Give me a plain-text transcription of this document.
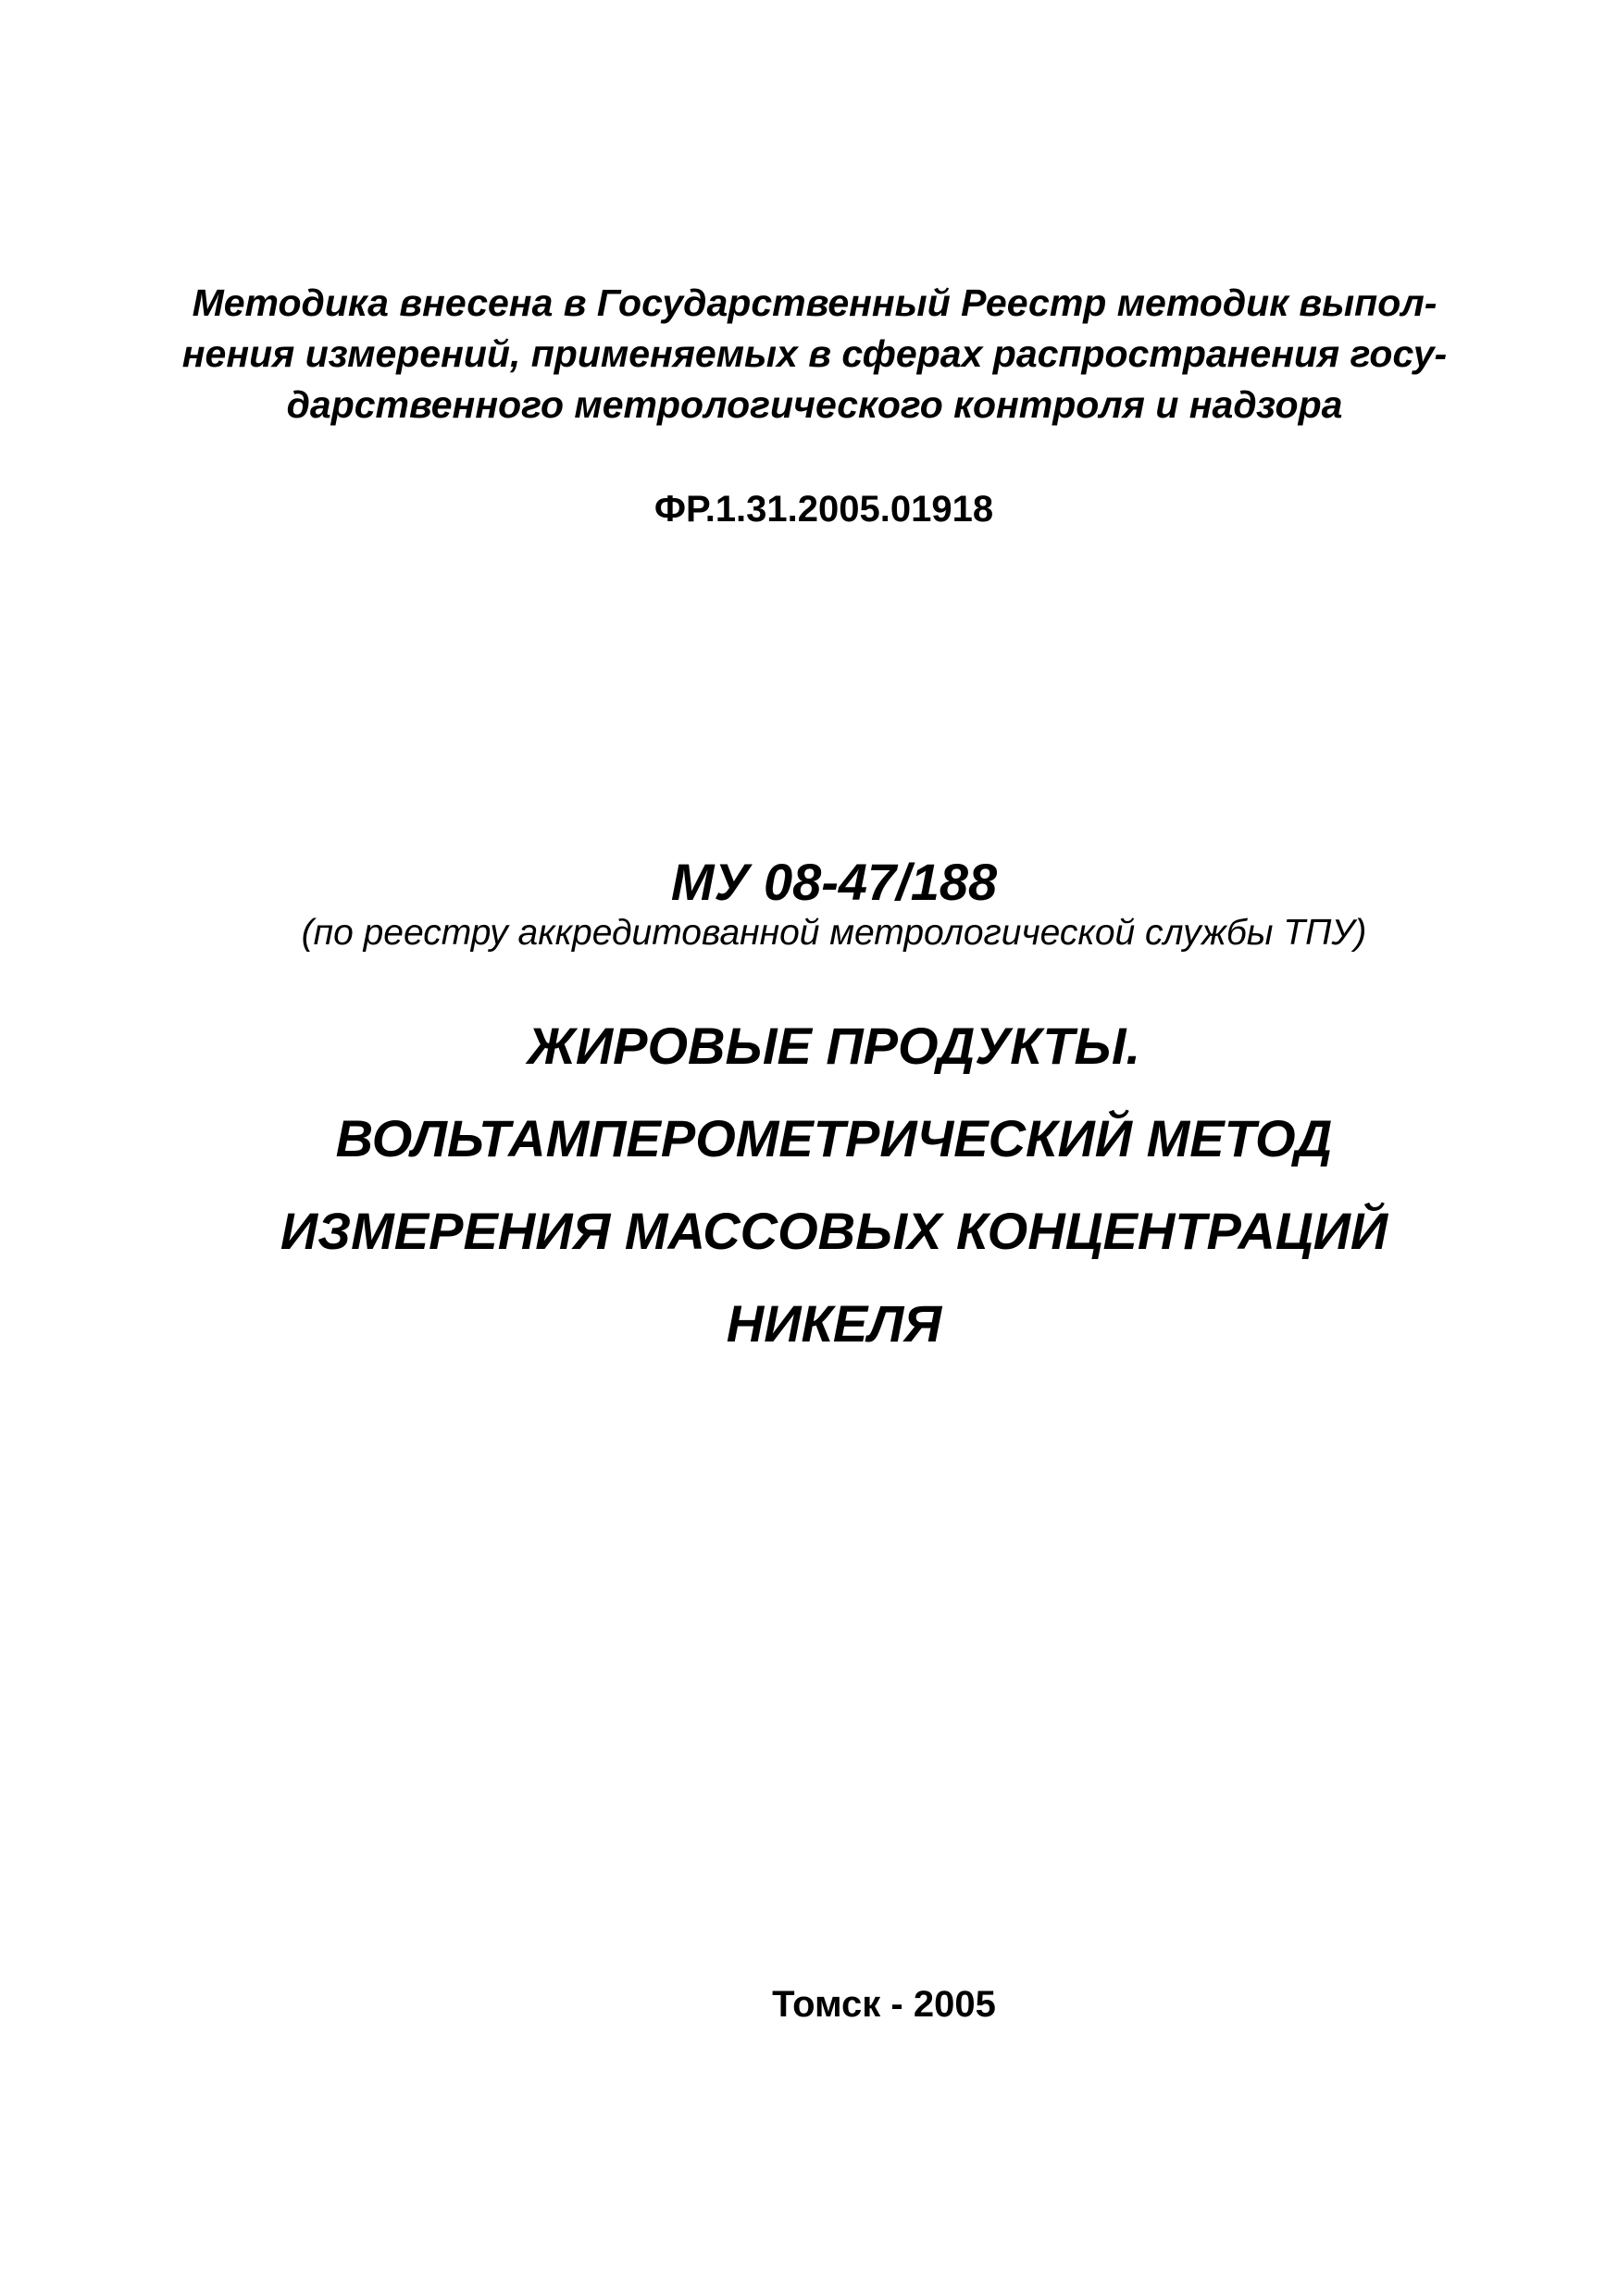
Методика внесена в Государственный Реестр методик выпол-
нения измерений, применяемых в сферах распространения госу-
дарственного метрологического контроля и надзора
ФР.1.31.2005.01918
МУ 08-47/188
(по реестру аккредитованной метрологической службы ТПУ)
ЖИРОВЫЕ ПРОДУКТЫ.
ВОЛЬТАМПЕРОМЕТРИЧЕСКИЙ МЕТОД
ИЗМЕРЕНИЯ МАССОВЫХ КОНЦЕНТРАЦИЙ
НИКЕЛЯ
Томск - 2005
